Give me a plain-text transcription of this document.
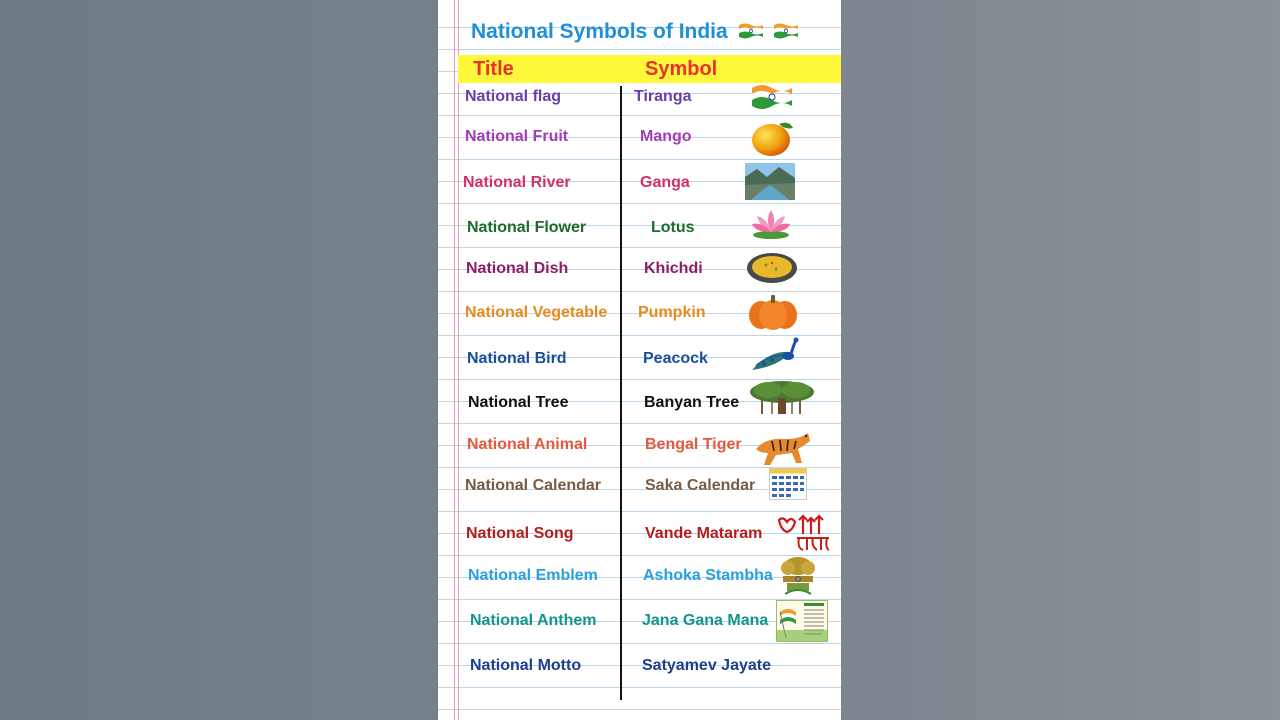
National Symbols of India
Title	Symbol
National flag
National Fruit
National River
National Flower
National Dish
National Vegetable
National Bird
National Tree
National Animal
National Calendar
National Song
National Emblem
National Anthem
National Motto
Tiranga
Mango
Ganga
Lotus
Khichdi
Pumpkin
Peacock
Banyan Tree
Bengal Tiger
Saka Calendar
Vande Mataram
Ashoka Stambha
Jana Gana Mana
Satyamev Jayate
